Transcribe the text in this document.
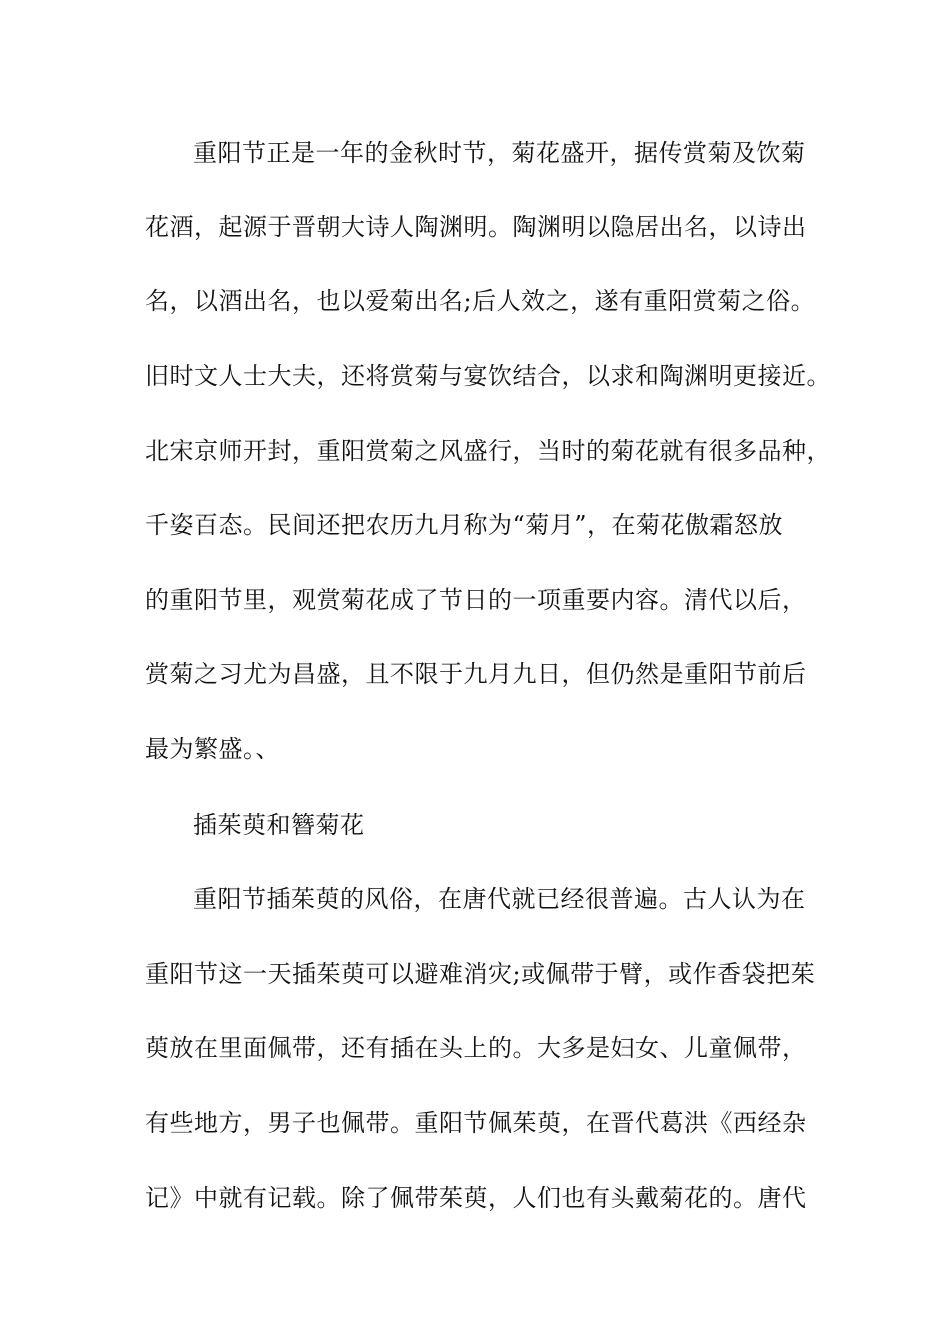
重阳节正是一年的金秋时节，菊花盛开，据传赏菊及饮菊
花酒，起源于晋朝大诗人陶渊明。陶渊明以隐居出名，以诗出
名，以酒出名，也以爱菊出名;后人效之，遂有重阳赏菊之俗。
旧时文人士大夫，还将赏菊与宴饮结合，以求和陶渊明更接近。
北宋京师开封，重阳赏菊之风盛行，当时的菊花就有很多品种，
千姿百态。民间还把农历九月称为“菊月”，在菊花傲霜怒放
的重阳节里，观赏菊花成了节日的一项重要内容。清代以后，
赏菊之习尤为昌盛，且不限于九月九日，但仍然是重阳节前后
最为繁盛。、
插茱萸和簪菊花
重阳节插茱萸的风俗，在唐代就已经很普遍。古人认为在
重阳节这一天插茱萸可以避难消灾;或佩带于臂，或作香袋把茱
萸放在里面佩带，还有插在头上的。大多是妇女、儿童佩带，
有些地方，男子也佩带。重阳节佩茱萸，在晋代葛洪《西经杂
记》中就有记载。除了佩带茱萸，人们也有头戴菊花的。唐代
